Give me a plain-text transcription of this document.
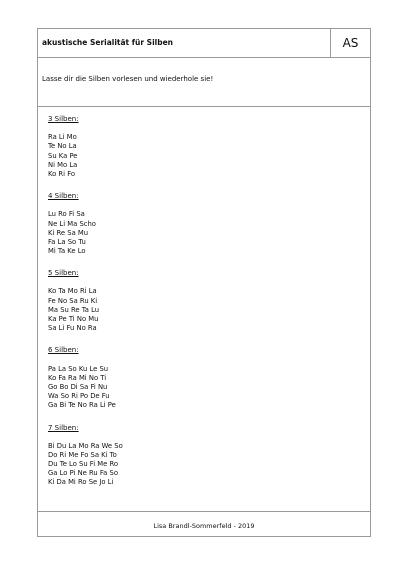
akustische Serialität für Silben	AS
Lasse dir die Silben vorlesen und wiederhole sie!
3 Silben:
Ra Li Mo
Te No La
Su Ka Pe
Ni Mo La
Ko Ri Fo
4 Silben:
Lu Ro Fi Sa
Ne Li Ma Scho
Ki Re Sa Mu
Fa La So Tu
Mi Ta Ke Lo
5 Silben:
Ko Ta Mo Ri La
Fe No Sa Ru Ki
Ma Su Re Ta Lu
Ka Pe Ti No Mu
Sa Li Fu No Ra
6 Silben:
Pa La So Ku Le Su
Ko Fa Ra Mi No Ti
Go Bo Di Sa Fi Nu
Wa So Ri Po De Fu
Ga Bi Te No Ra Li Pe
7 Silben:
Bi Du La Mo Ra We So
Do Ri Me Fo Sa Ki To
Du Te Lo Su Fi Me Ro
Ga Lo Pi Ne Ru Fa So
Ki Da Mi Ro Se Jo Li
Lisa Brandl-Sommerfeld - 2019
